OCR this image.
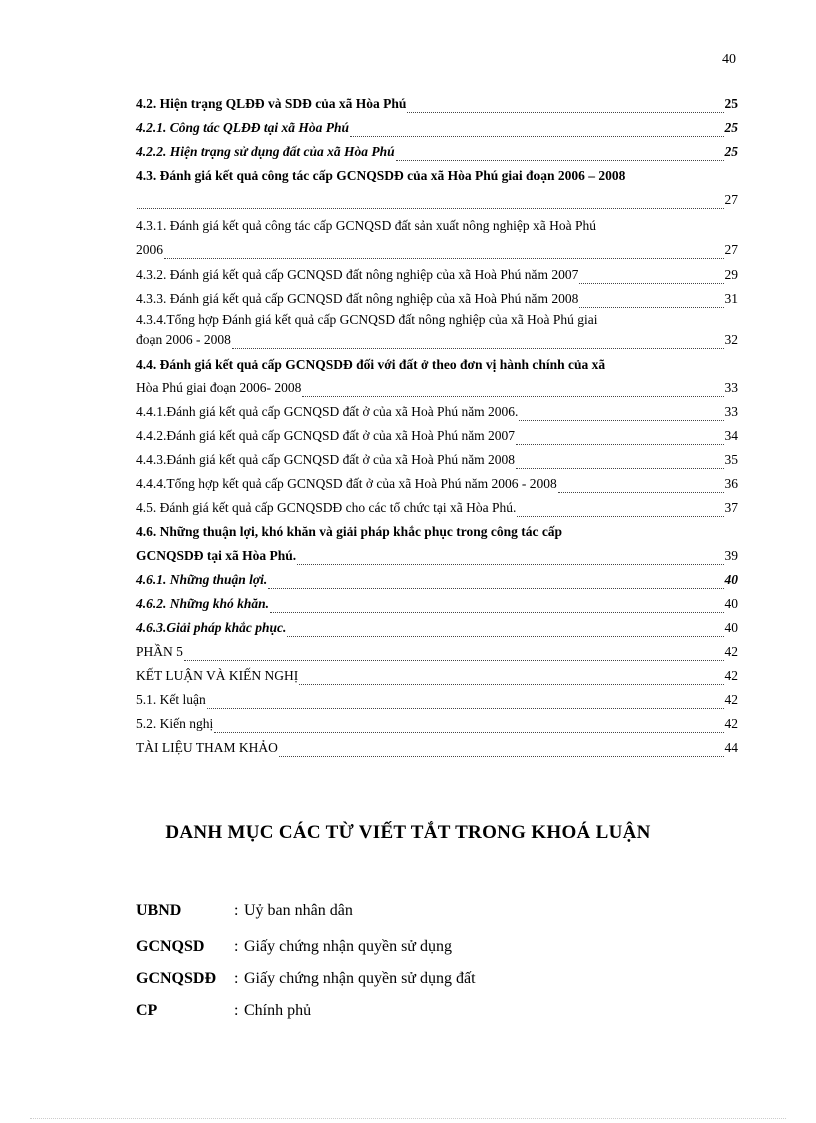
40
4.2. Hiện trạng QLĐĐ và SDĐ của xã Hòa Phú	25
4.2.1. Công tác QLĐĐ tại xã Hòa Phú	25
4.2.2. Hiện trạng sử dụng đất của xã Hòa Phú	25
4.3. Đánh giá kết quả công tác cấp GCNQSDĐ của xã Hòa Phú giai đoạn 2006 – 2008
27
4.3.1. Đánh giá kết quả công tác cấp GCNQSD đất sản xuất nông nghiệp xã Hoà Phú
2006	27
4.3.2. Đánh giá kết quả cấp GCNQSD đất nông nghiệp của xã Hoà Phú năm 2007	29
4.3.3. Đánh giá kết quả cấp GCNQSD đất nông nghiệp của xã Hoà Phú năm 2008	31
4.3.4.Tổng hợp Đánh giá kết quả cấp GCNQSD đất nông nghiệp của xã Hoà Phú giai
đoạn 2006 - 2008	32
4.4. Đánh giá kết quả cấp GCNQSDĐ đối với đất ở theo đơn vị hành chính của xã
Hòa Phú giai đoạn 2006- 2008	33
4.4.1.Đánh giá kết quả cấp GCNQSD đất ở của xã Hoà Phú năm 2006.	33
4.4.2.Đánh giá kết quả cấp GCNQSD đất ở của xã Hoà Phú năm 2007	34
4.4.3.Đánh giá kết quả cấp GCNQSD đất ở của xã Hoà Phú năm 2008	35
4.4.4.Tổng hợp kết quả cấp GCNQSD đất ở của xã Hoà Phú năm 2006 - 2008	36
4.5. Đánh giá kết quả cấp GCNQSDĐ cho các tổ chức tại xã Hòa Phú.	37
4.6. Những thuận lợi, khó khăn và giải pháp khắc phục trong công tác cấp
GCNQSDĐ tại xã Hòa Phú.	39
4.6.1. Những thuận lợi.	40
4.6.2. Những khó khăn.	40
4.6.3.Giải pháp khắc phục.	40
PHẦN 5	42
KẾT LUẬN VÀ KIẾN NGHỊ	42
5.1. Kết luận	42
5.2. Kiến nghị	42
TÀI LIỆU THAM KHẢO	44
DANH MỤC CÁC TỪ VIẾT TẮT TRONG KHOÁ LUẬN
UBND	: Uỷ ban nhân dân
GCNQSD : Giấy chứng nhận quyền sử dụng
GCNQSDĐ : Giấy chứng nhận quyền sử dụng đất
CP	: Chính phủ
